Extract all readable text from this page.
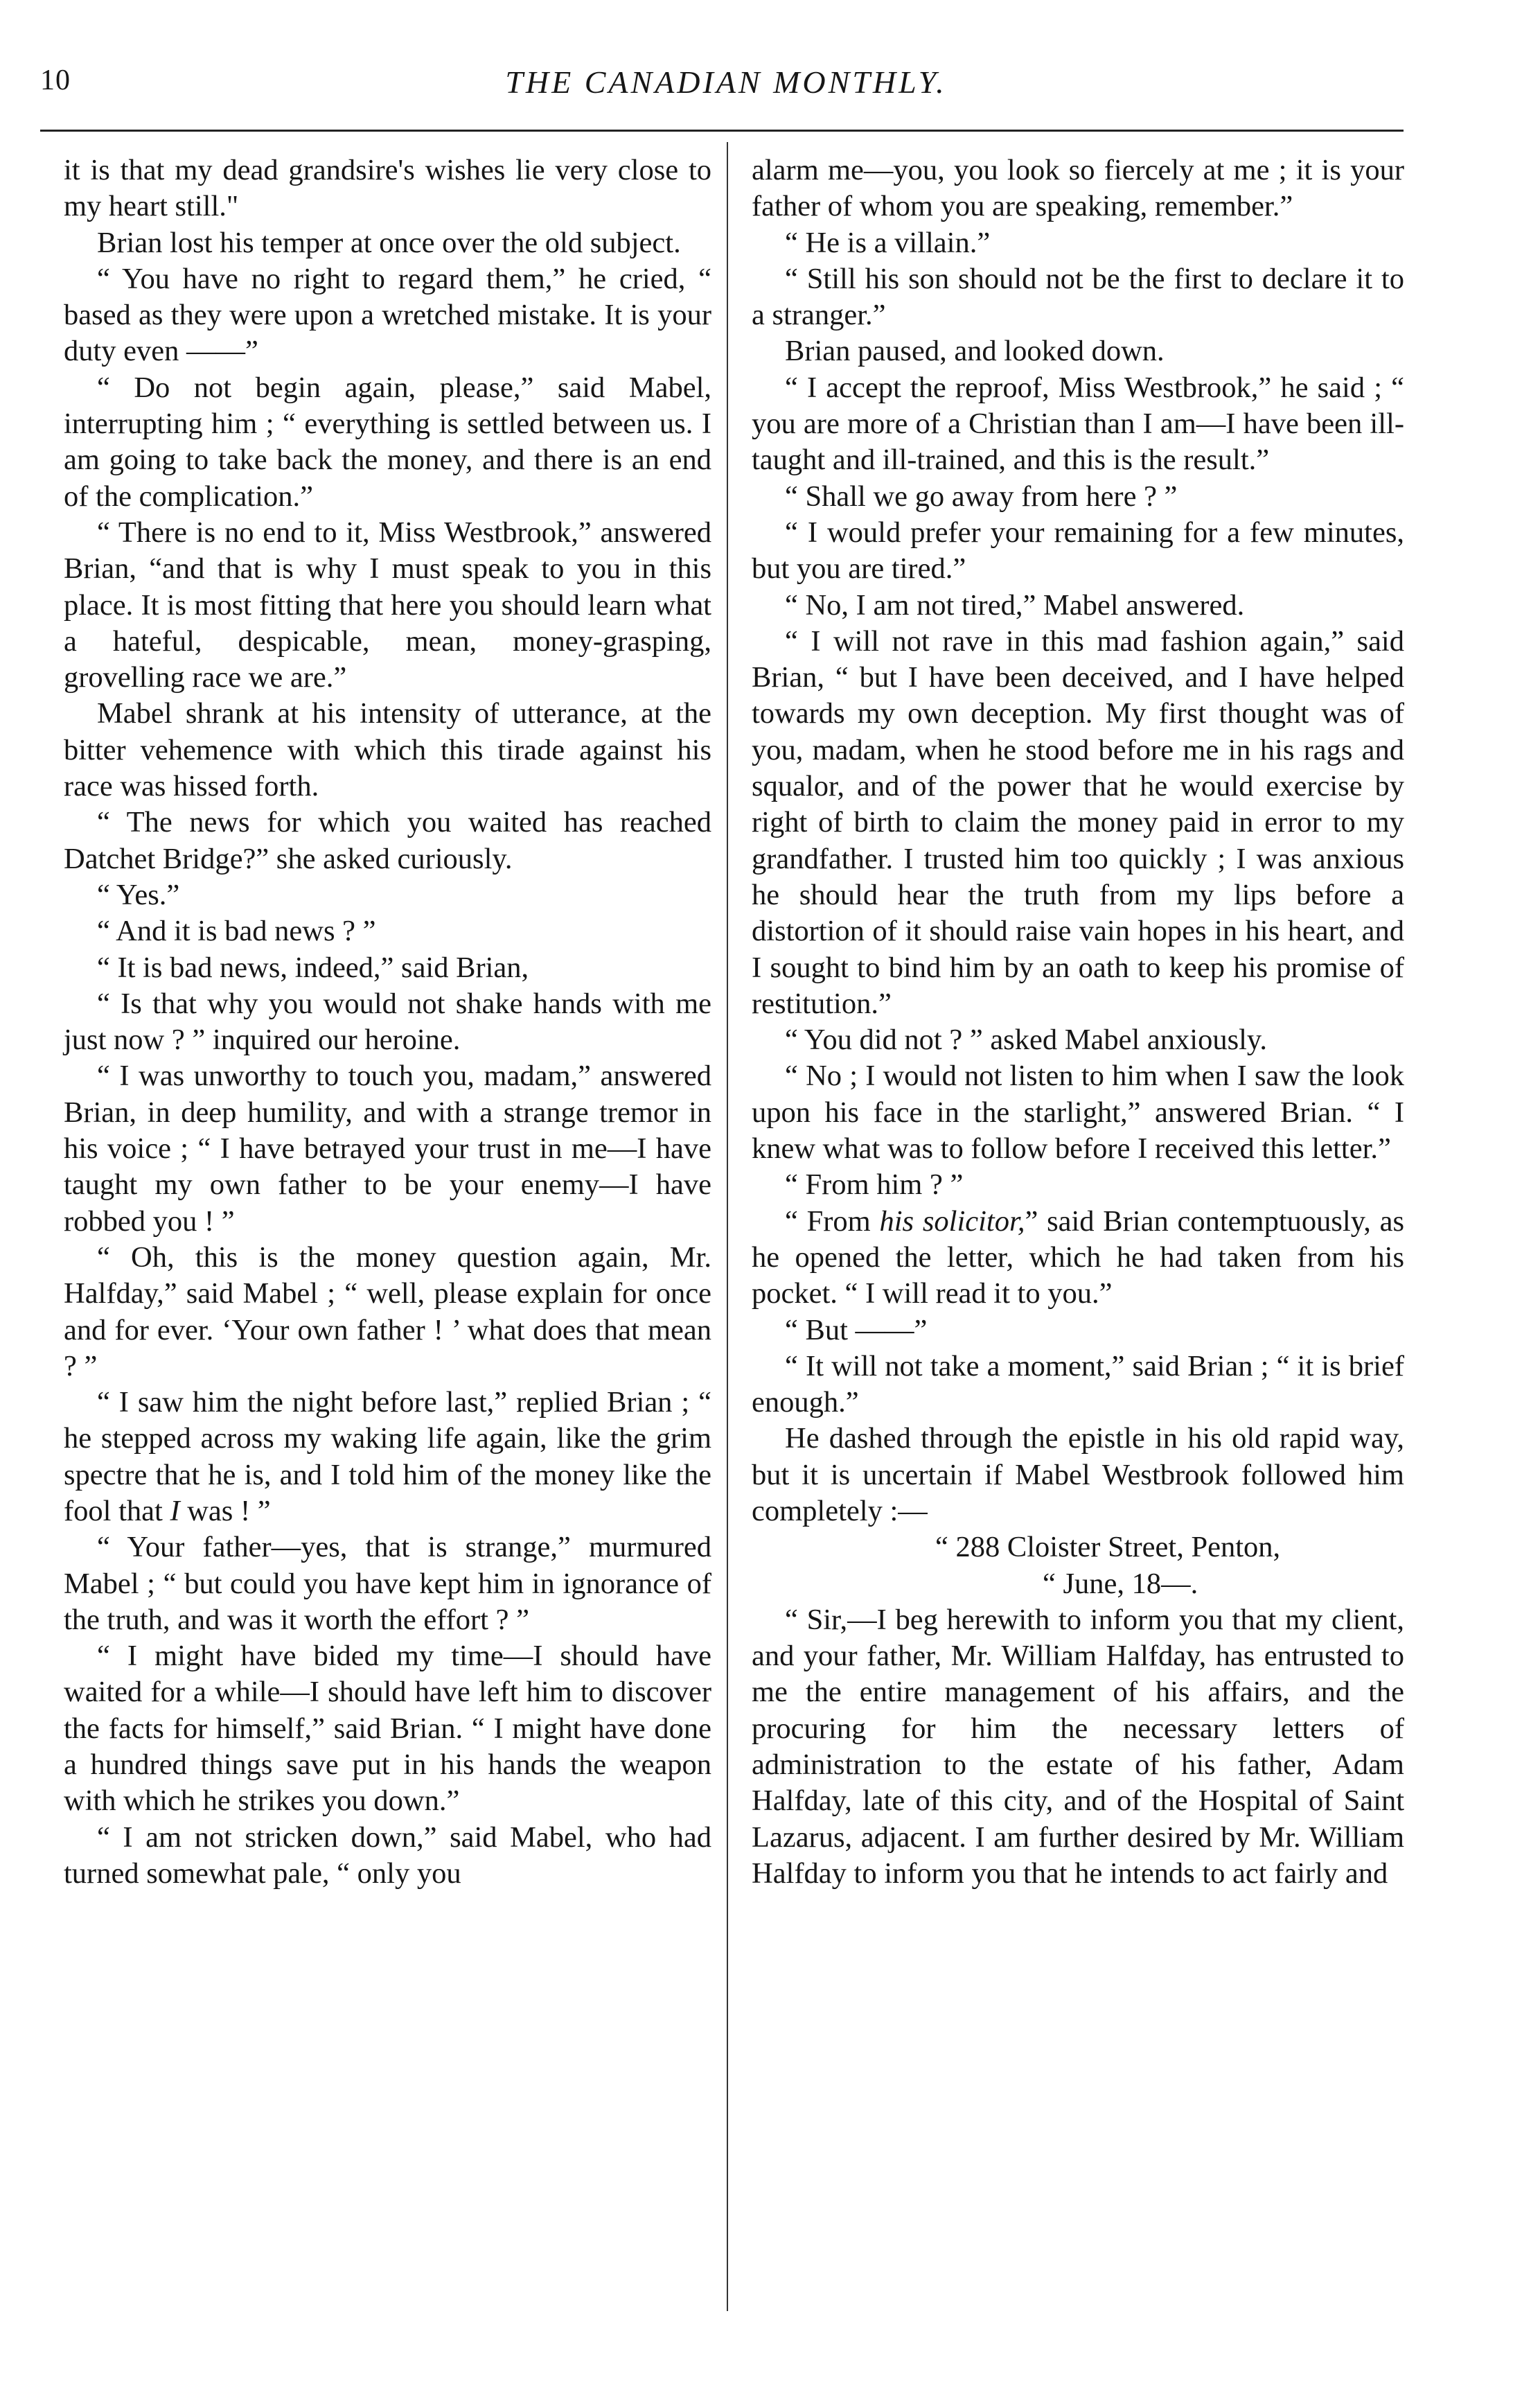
10	THE CANADIAN MONTHLY.

it is that my dead grandsire's wishes lie very close to my heart still."

Brian lost his temper at once over the old subject.

“ You have no right to regard them,” he cried, “ based as they were upon a wretched mistake. It is your duty even ——”

“ Do not begin again, please,” said Mabel, interrupting him ; “ everything is settled between us. I am going to take back the money, and there is an end of the complication.”

“ There is no end to it, Miss Westbrook,” answered Brian, “and that is why I must speak to you in this place. It is most fitting that here you should learn what a hateful, despicable, mean, money-grasping, grovelling race we are.”

Mabel shrank at his intensity of utterance, at the bitter vehemence with which this tirade against his race was hissed forth.

“ The news for which you waited has reached Datchet Bridge?” she asked curiously.

“ Yes.”

“ And it is bad news ? ”

“ It is bad news, indeed,” said Brian,

“ Is that why you would not shake hands with me just now ? ” inquired our heroine.

“ I was unworthy to touch you, madam,” answered Brian, in deep humility, and with a strange tremor in his voice ; “ I have betrayed your trust in me—I have taught my own father to be your enemy—I have robbed you ! ”

“ Oh, this is the money question again, Mr. Halfday,” said Mabel ; “ well, please explain for once and for ever. ‘Your own father ! ’ what does that mean ? ”

“ I saw him the night before last,” replied Brian ; “ he stepped across my waking life again, like the grim spectre that he is, and I told him of the money like the fool that I was ! ”

“ Your father—yes, that is strange,” murmured Mabel ; “ but could you have kept him in ignorance of the truth, and was it worth the effort ? ”

“ I might have bided my time—I should have waited for a while—I should have left him to discover the facts for himself,” said Brian. “ I might have done a hundred things save put in his hands the weapon with which he strikes you down.”

“ I am not stricken down,” said Mabel, who had turned somewhat pale, “ only you

alarm me—you, you look so fiercely at me ; it is your father of whom you are speaking, remember.”

“ He is a villain.”

“ Still his son should not be the first to declare it to a stranger.”

Brian paused, and looked down.

“ I accept the reproof, Miss Westbrook,” he said ; “ you are more of a Christian than I am—I have been ill-taught and ill-trained, and this is the result.”

“ Shall we go away from here ? ”

“ I would prefer your remaining for a few minutes, but you are tired.”

“ No, I am not tired,” Mabel answered.

“ I will not rave in this mad fashion again,” said Brian, “ but I have been deceived, and I have helped towards my own deception. My first thought was of you, madam, when he stood before me in his rags and squalor, and of the power that he would exercise by right of birth to claim the money paid in error to my grandfather. I trusted him too quickly ; I was anxious he should hear the truth from my lips before a distortion of it should raise vain hopes in his heart, and I sought to bind him by an oath to keep his promise of restitution.”

“ You did not ? ” asked Mabel anxiously.

“ No ; I would not listen to him when I saw the look upon his face in the starlight,” answered Brian. “ I knew what was to follow before I received this letter.”

“ From him ? ”

“ From his solicitor,” said Brian contemptuously, as he opened the letter, which he had taken from his pocket. “ I will read it to you.”

“ But ——”

“ It will not take a moment,” said Brian ; “ it is brief enough.”

He dashed through the epistle in his old rapid way, but it is uncertain if Mabel Westbrook followed him completely :—

“ 288 Cloister Street, Penton,

“ June, 18—.

“ Sir,—I beg herewith to inform you that my client, and your father, Mr. William Halfday, has entrusted to me the entire management of his affairs, and the procuring for him the necessary letters of administration to the estate of his father, Adam Halfday, late of this city, and of the Hospital of Saint Lazarus, adjacent. I am further desired by Mr. William Halfday to inform you that he intends to act fairly and
